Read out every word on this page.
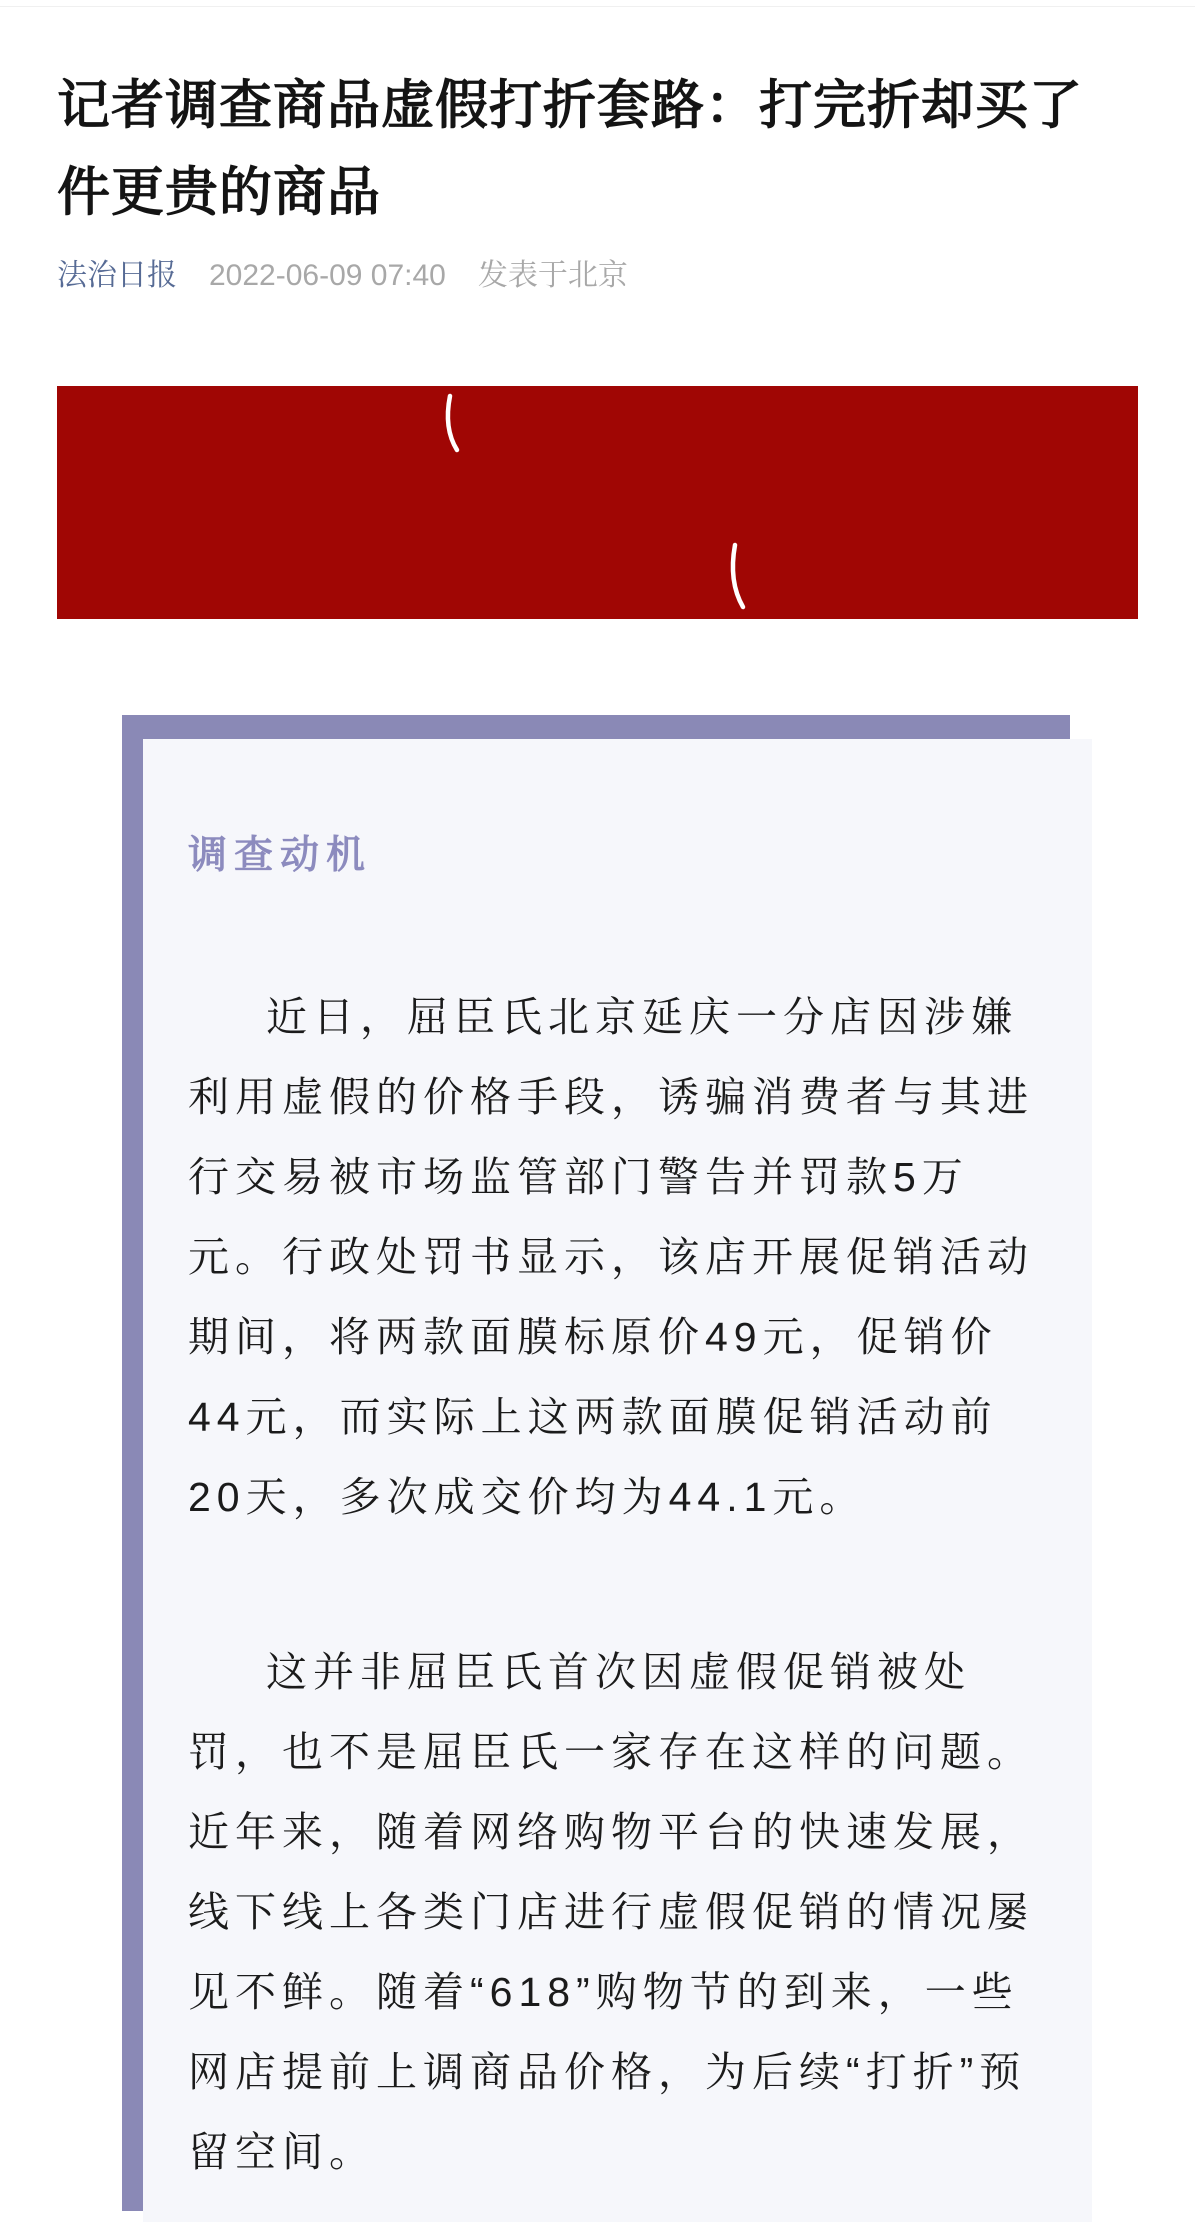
记者调查商品虚假打折套路：打完折却买了
件更贵的商品
法治日报 2022-06-09 07:40 发表于北京
调查动机
近日，屈臣氏北京延庆一分店因涉嫌
利用虚假的价格手段，诱骗消费者与其进
行交易被市场监管部门警告并罚款5万
元。行政处罚书显示，该店开展促销活动
期间，将两款面膜标原价49元，促销价
44元，而实际上这两款面膜促销活动前
20天，多次成交价均为44.1元。
这并非屈臣氏首次因虚假促销被处
罚，也不是屈臣氏一家存在这样的问题。
近年来，随着网络购物平台的快速发展，
线下线上各类门店进行虚假促销的情况屡
见不鲜。随着“618”购物节的到来，一些
网店提前上调商品价格，为后续“打折”预
留空间。
